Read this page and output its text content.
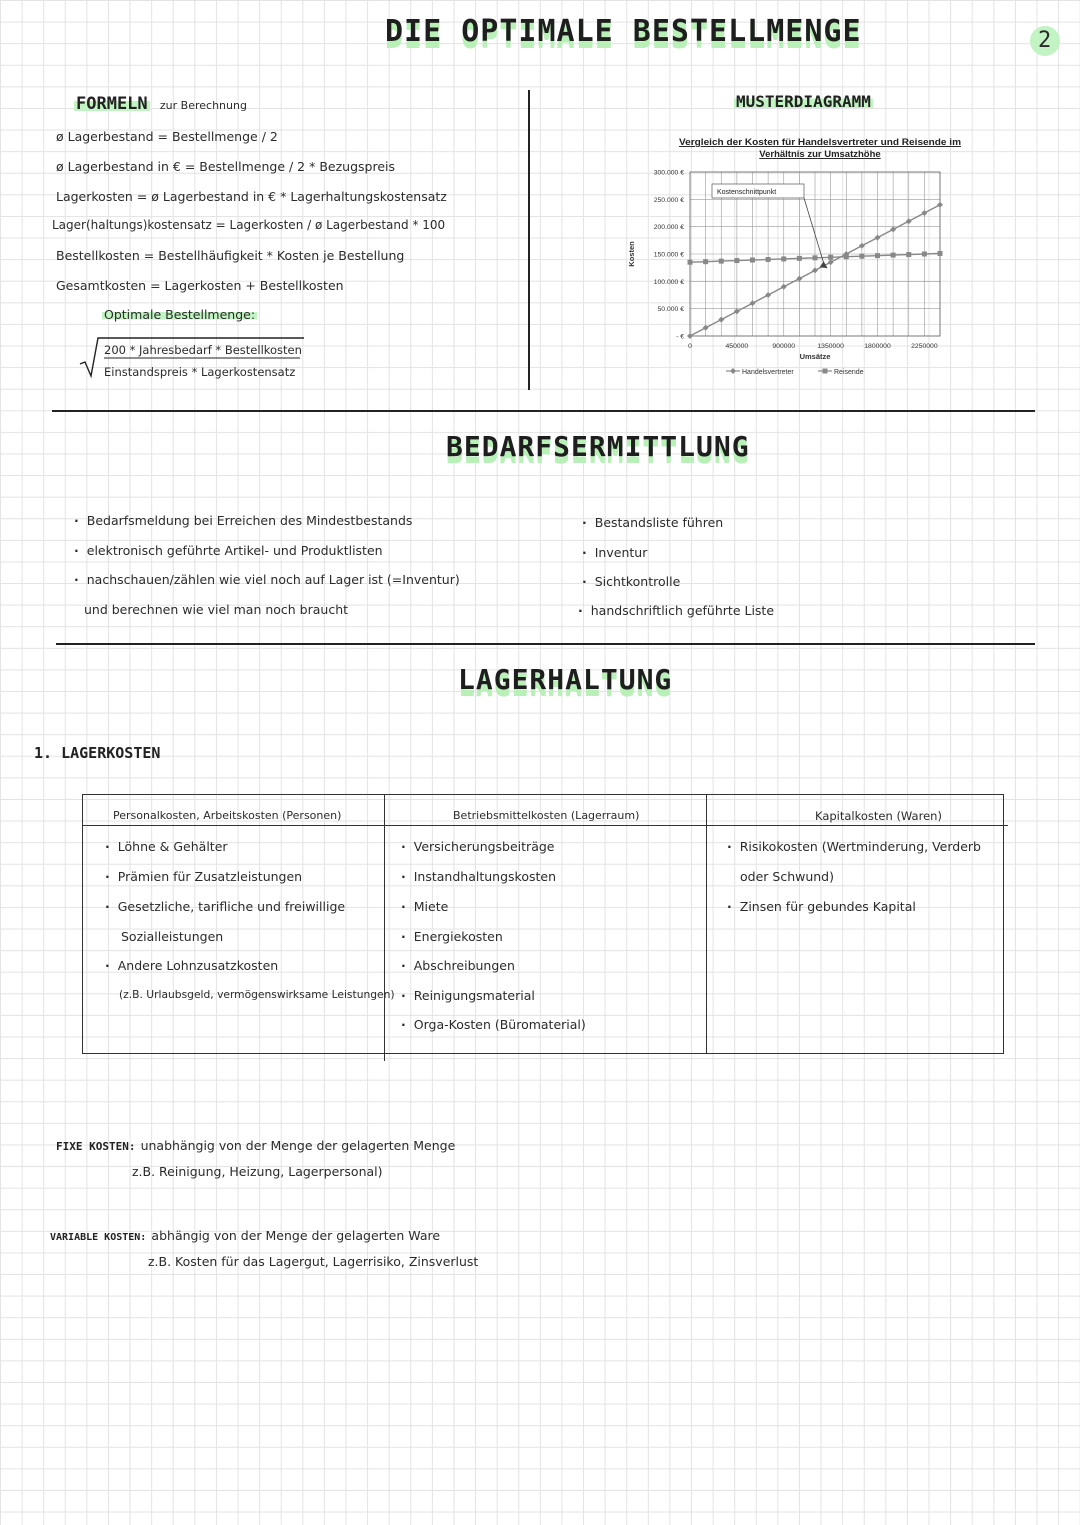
DIE OPTIMALE BESTELLMENGE	2
FORMELN zur Berechnung
ø Lagerbestand = Bestellmenge / 2
ø Lagerbestand in € = Bestellmenge / 2 * Bezugspreis
Lagerkosten = ø Lagerbestand in € * Lagerhaltungskostensatz
Lager(haltungs)kostensatz = Lagerkosten / ø Lagerbestand * 100
Bestellkosten = Bestellhäufigkeit * Kosten je Bestellung
Gesamtkosten = Lagerkosten + Bestellkosten
Optimale Bestellmenge:
200 * Jahresbedarf * Bestellkosten
Einstandspreis * Lagerkostensatz
MUSTERDIAGRAMM
Vergleich der Kosten für Handelsvertreter und Reisende im
Verhältnis zur Umsatzhöhe
- €
50.000 €
100.000 €
150.000 €
200.000 €
250.000 €
300.000 €
0	450000	900000	1350000	1800000	2250000
Kosten
Umsätze
Kostenschnittpunkt
Handelsvertreter	Reisende
BEDARFSERMITTLUNG
· Bedarfsmeldung bei Erreichen des Mindestbestands
· elektronisch geführte Artikel- und Produktlisten
· nachschauen/zählen wie viel noch auf Lager ist (=Inventur)
und berechnen wie viel man noch braucht
· Bestandsliste führen
· Inventur
· Sichtkontrolle
· handschriftlich geführte Liste
LAGERHALTUNG
1. LAGERKOSTEN
Personalkosten, Arbeitskosten (Personen)
· Löhne & Gehälter
· Prämien für Zusatzleistungen
· Gesetzliche, tarifliche und freiwillige
Sozialleistungen
· Andere Lohnzusatzkosten
(z.B. Urlaubsgeld, vermögenswirksame Leistungen)
Betriebsmittelkosten (Lagerraum)
· Versicherungsbeiträge
· Instandhaltungskosten
· Miete
· Energiekosten
· Abschreibungen
· Reinigungsmaterial
· Orga-Kosten (Büromaterial)
Kapitalkosten (Waren)
· Risikokosten (Wertminderung, Verderb
oder Schwund)
· Zinsen für gebundes Kapital
FIXE KOSTEN: unabhängig von der Menge der gelagerten Menge
z.B. Reinigung, Heizung, Lagerpersonal)
VARIABLE KOSTEN: abhängig von der Menge der gelagerten Ware
z.B. Kosten für das Lagergut, Lagerrisiko, Zinsverlust
